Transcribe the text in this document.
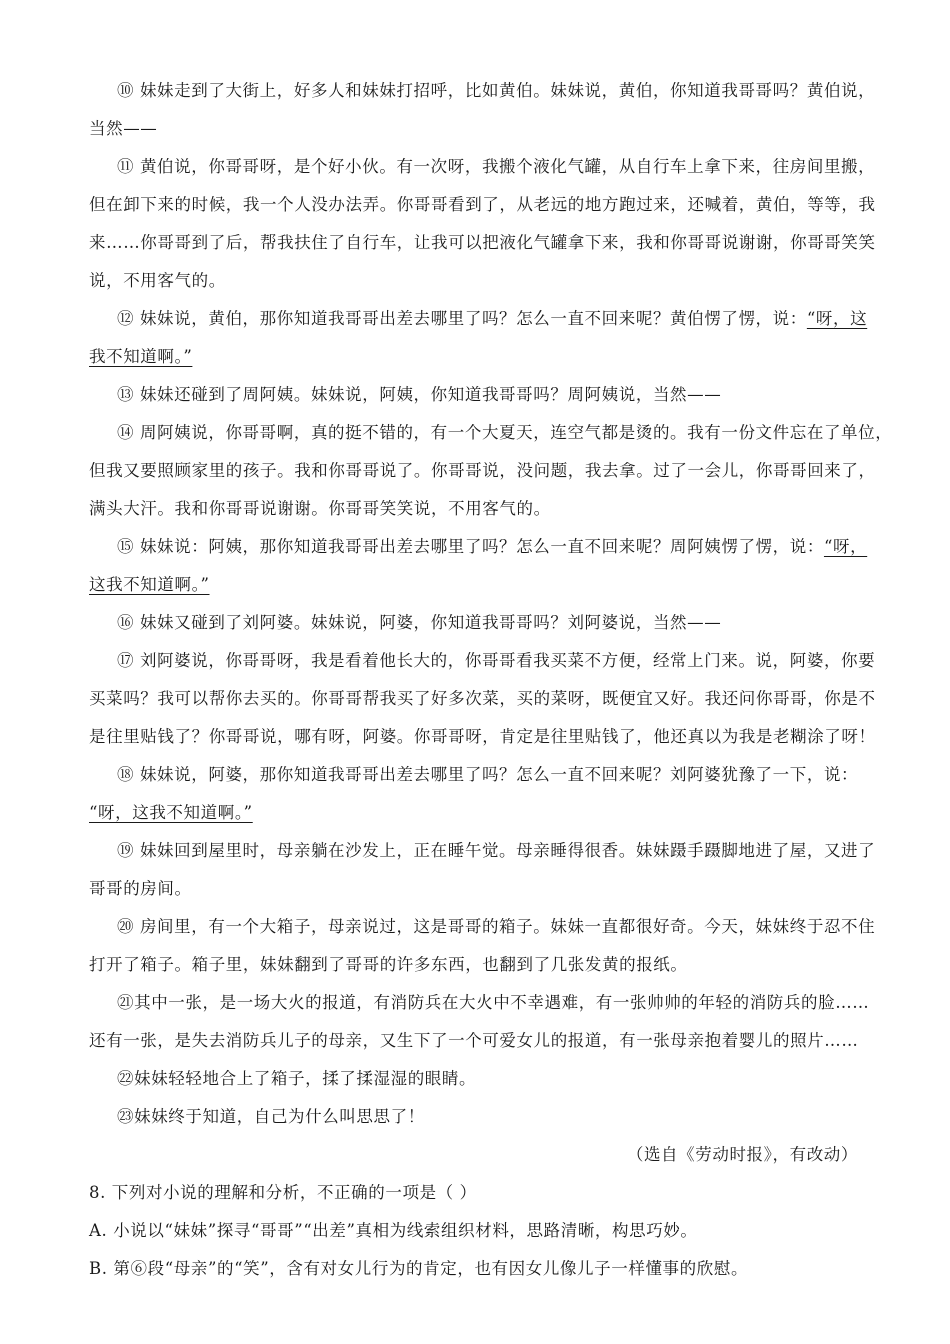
⑩ 妹妹走到了大街上，好多人和妹妹打招呼，比如黄伯。妹妹说，黄伯，你知道我哥哥吗？黄伯说，
当然——
⑪ 黄伯说，你哥哥呀，是个好小伙。有一次呀，我搬个液化气罐，从自行车上拿下来，往房间里搬，
但在卸下来的时候，我一个人没办法弄。你哥哥看到了，从老远的地方跑过来，还喊着，黄伯，等等，我
来……你哥哥到了后，帮我扶住了自行车，让我可以把液化气罐拿下来，我和你哥哥说谢谢，你哥哥笑笑
说，不用客气的。
⑫ 妹妹说，黄伯，那你知道我哥哥出差去哪里了吗？怎么一直不回来呢？黄伯愣了愣，说：“呀，这
我不知道啊。”
⑬ 妹妹还碰到了周阿姨。妹妹说，阿姨，你知道我哥哥吗？周阿姨说，当然——
⑭ 周阿姨说，你哥哥啊，真的挺不错的，有一个大夏天，连空气都是烫的。我有一份文件忘在了单位，
但我又要照顾家里的孩子。我和你哥哥说了。你哥哥说，没问题，我去拿。过了一会儿，你哥哥回来了，
满头大汗。我和你哥哥说谢谢。你哥哥笑笑说，不用客气的。
⑮ 妹妹说：阿姨，那你知道我哥哥出差去哪里了吗？怎么一直不回来呢？周阿姨愣了愣，说：“呀，
这我不知道啊。”
⑯ 妹妹又碰到了刘阿婆。妹妹说，阿婆，你知道我哥哥吗？刘阿婆说，当然——
⑰ 刘阿婆说，你哥哥呀，我是看着他长大的，你哥哥看我买菜不方便，经常上门来。说，阿婆，你要
买菜吗？我可以帮你去买的。你哥哥帮我买了好多次菜，买的菜呀，既便宜又好。我还问你哥哥，你是不
是往里贴钱了？你哥哥说，哪有呀，阿婆。你哥哥呀，肯定是往里贴钱了，他还真以为我是老糊涂了呀！
⑱ 妹妹说，阿婆，那你知道我哥哥出差去哪里了吗？怎么一直不回来呢？刘阿婆犹豫了一下，说：
“呀，这我不知道啊。”
⑲ 妹妹回到屋里时，母亲躺在沙发上，正在睡午觉。母亲睡得很香。妹妹蹑手蹑脚地进了屋，又进了
哥哥的房间。
⑳ 房间里，有一个大箱子，母亲说过，这是哥哥的箱子。妹妹一直都很好奇。今天，妹妹终于忍不住
打开了箱子。箱子里，妹妹翻到了哥哥的许多东西，也翻到了几张发黄的报纸。
㉑其中一张，是一场大火的报道，有消防兵在大火中不幸遇难，有一张帅帅的年轻的消防兵的脸……
还有一张，是失去消防兵儿子的母亲，又生下了一个可爱女儿的报道，有一张母亲抱着婴儿的照片……
㉒妹妹轻轻地合上了箱子，揉了揉湿湿的眼睛。
㉓妹妹终于知道，自己为什么叫思思了！
（选自《劳动时报》，有改动）
8. 下列对小说的理解和分析，不正确的一项是（ ）
A. 小说以“妹妹”探寻“哥哥”“出差”真相为线索组织材料，思路清晰，构思巧妙。
B. 第⑥段“母亲”的“笑”，含有对女儿行为的肯定，也有因女儿像儿子一样懂事的欣慰。
